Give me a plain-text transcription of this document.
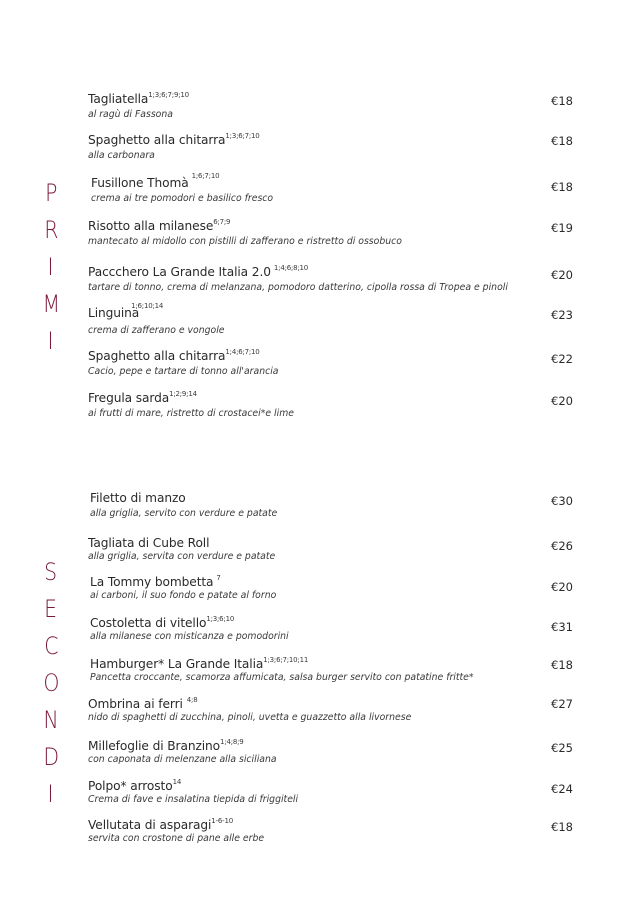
P
R
I
M
I
Tagliatella$^{1;3;6;7;9;10}$
al ragù di Fassona
€18
Spaghetto alla chitarra$^{1;3;6;7;10}$
alla carbonara
€18
Fusillone Thomà $^{1;6;7;10}$
crema ai tre pomodori e basilico fresco
€18
Risotto alla milanese$^{6;7;9}$
mantecato al midollo con pistilli di zafferano e ristretto di ossobuco
€19
Paccchero La Grande Italia 2.0 $^{1;4;6;8;10}$
tartare di tonno, crema di melanzana, pomodoro datterino, cipolla rossa di Tropea e pinoli
€20
Linguina$^{1;6;10;14}$
crema di zafferano e vongole
€23
Spaghetto alla chitarra$^{1;4;6;7;10}$
Cacio, pepe e tartare di tonno all'arancia
€22
Fregula sarda$^{1;2;9;14}$
ai frutti di mare, ristretto di crostacei*e lime
€20
S
E
C
O
N
D
I
Filetto di manzo
alla griglia, servito con verdure e patate
€30
Tagliata di Cube Roll
alla griglia, servita con verdure e patate
€26
La Tommy bombetta $^7$
ai carboni, il suo fondo e patate al forno
€20
Costoletta di vitello$^{1;3;6;10}$
alla milanese con misticanza e pomodorini
€31
Hamburger* La Grande Italia$^{1;3;6;7;10;11}$
Pancetta croccante, scamorza affumicata, salsa burger servito con patatine fritte*
€18
Ombrina ai ferri $^{4;8}$
nido di spaghetti di zucchina, pinoli, uvetta e guazzetto alla livornese
€27
Millefoglie di Branzino$^{1;4;8;9}$
con caponata di melenzane alla siciliana
€25
Polpo* arrosto$^{14}$
Crema di fave e insalatina tiepida di friggiteli
€24
Vellutata di asparagi$^{1-6-10}$
servita con crostone di pane alle erbe
€18
